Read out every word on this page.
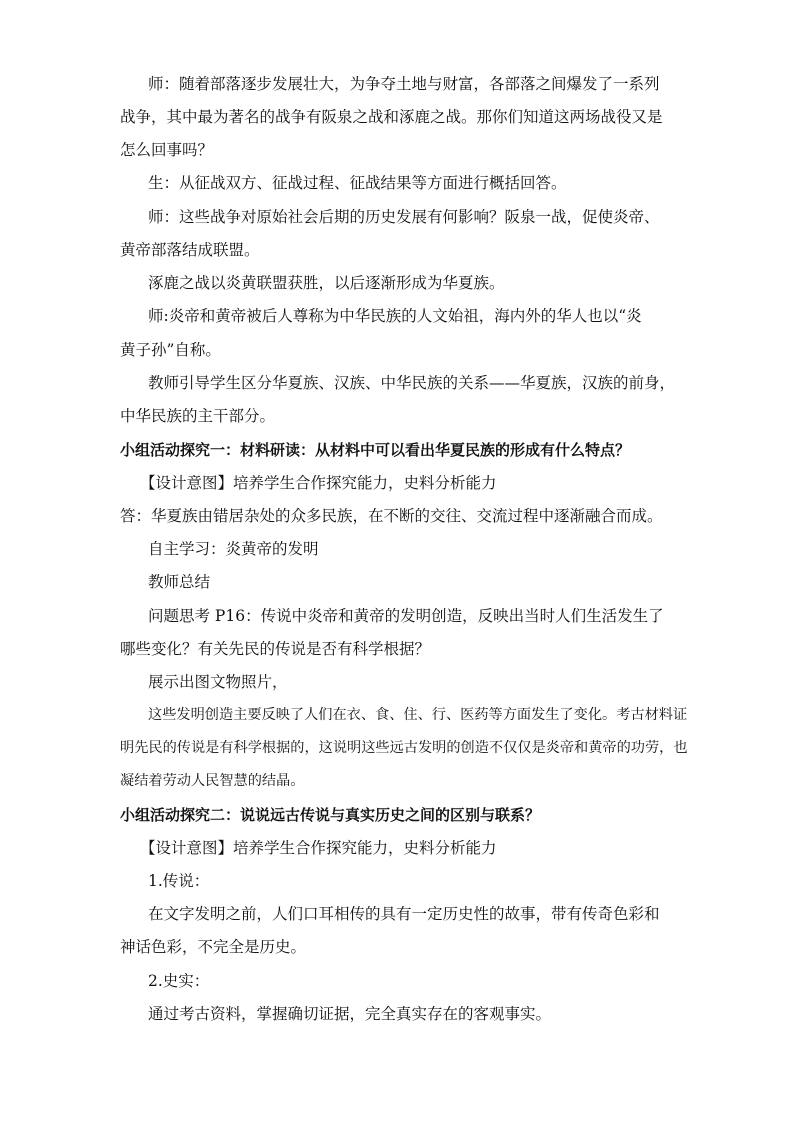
师：随着部落逐步发展壮大，为争夺土地与财富，各部落之间爆发了一系列
战争，其中最为著名的战争有阪泉之战和涿鹿之战。那你们知道这两场战役又是
怎么回事吗？
生：从征战双方、征战过程、征战结果等方面进行概括回答。
师：这些战争对原始社会后期的历史发展有何影响？阪泉一战，促使炎帝、
黄帝部落结成联盟。
涿鹿之战以炎黄联盟获胜，以后逐渐形成为华夏族。
师:炎帝和黄帝被后人尊称为中华民族的人文始祖，海内外的华人也以“炎
黄子孙”自称。
教师引导学生区分华夏族、汉族、中华民族的关系——华夏族，汉族的前身，
中华民族的主干部分。
小组活动探究一：材料研读：从材料中可以看出华夏民族的形成有什么特点？
【设计意图】培养学生合作探究能力，史料分析能力
答：华夏族由错居杂处的众多民族，在不断的交往、交流过程中逐渐融合而成。
自主学习：炎黄帝的发明
教师总结
问题思考 P16：传说中炎帝和黄帝的发明创造，反映出当时人们生活发生了
哪些变化？有关先民的传说是否有科学根据？
展示出图文物照片，
这些发明创造主要反映了人们在衣、食、住、行、医药等方面发生了变化。考古材料证
明先民的传说是有科学根据的，这说明这些远古发明的创造不仅仅是炎帝和黄帝的功劳，也
凝结着劳动人民智慧的结晶。
小组活动探究二：说说远古传说与真实历史之间的区别与联系？
【设计意图】培养学生合作探究能力，史料分析能力
1.传说：
在文字发明之前，人们口耳相传的具有一定历史性的故事，带有传奇色彩和
神话色彩，不完全是历史。
2.史实：
通过考古资料，掌握确切证据，完全真实存在的客观事实。
